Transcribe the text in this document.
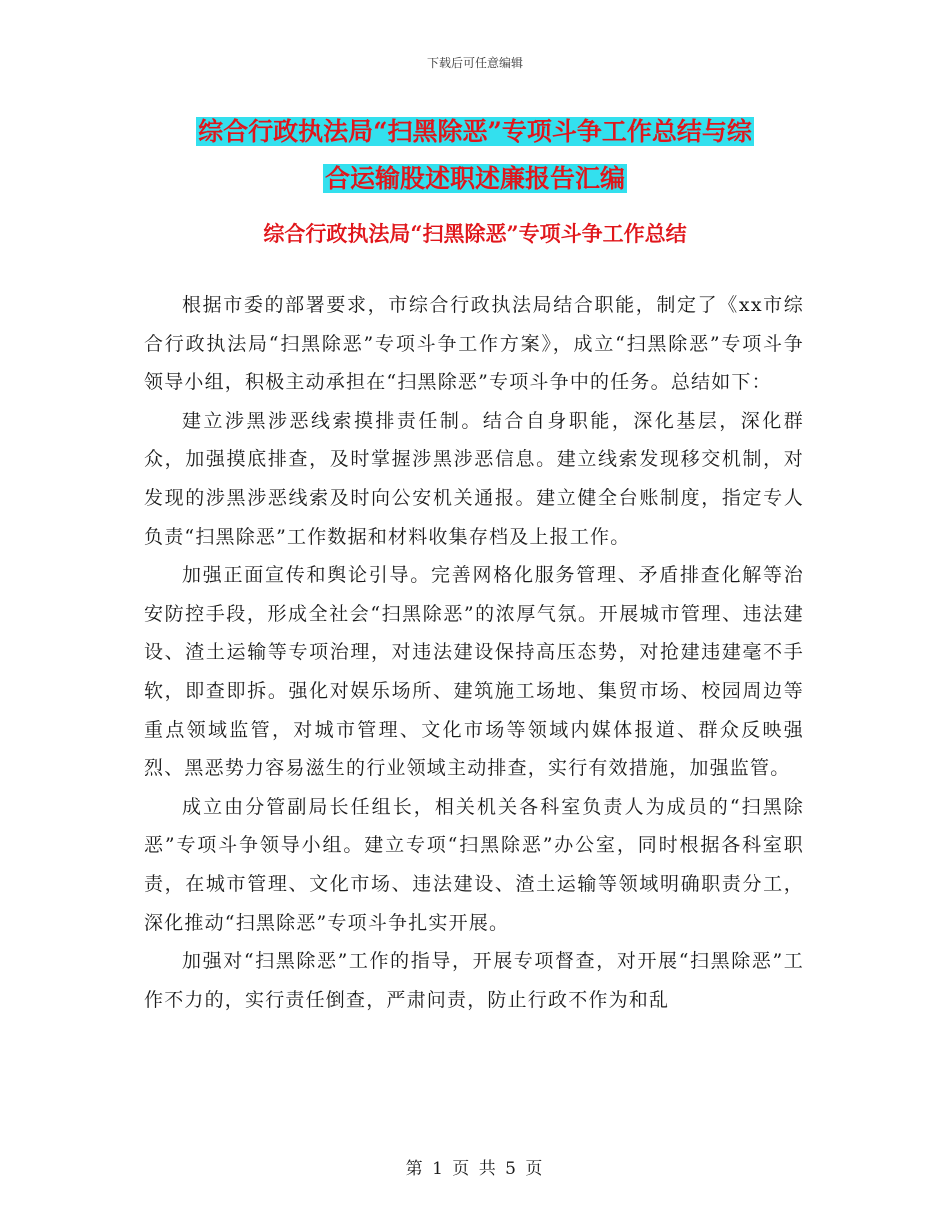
下载后可任意编辑
综合行政执法局“扫黑除恶”专项斗争工作总结与综
合运输股述职述廉报告汇编
综合行政执法局“扫黑除恶”专项斗争工作总结

根据市委的部署要求，市综合行政执法局结合职能，制定了《xx市综合行政执法局“扫黑除恶”专项斗争工作方案》，成立“扫黑除恶”专项斗争领导小组，积极主动承担在“扫黑除恶”专项斗争中的任务。总结如下：

建立涉黑涉恶线索摸排责任制。结合自身职能，深化基层，深化群众，加强摸底排查，及时掌握涉黑涉恶信息。建立线索发现移交机制，对发现的涉黑涉恶线索及时向公安机关通报。建立健全台账制度，指定专人负责“扫黑除恶”工作数据和材料收集存档及上报工作。

加强正面宣传和舆论引导。完善网格化服务管理、矛盾排查化解等治安防控手段，形成全社会“扫黑除恶”的浓厚气氛。开展城市管理、违法建设、渣土运输等专项治理，对违法建设保持高压态势，对抢建违建毫不手软，即查即拆。强化对娱乐场所、建筑施工场地、集贸市场、校园周边等重点领域监管，对城市管理、文化市场等领域内媒体报道、群众反映强烈、黑恶势力容易滋生的行业领域主动排查，实行有效措施，加强监管。

成立由分管副局长任组长，相关机关各科室负责人为成员的“扫黑除恶”专项斗争领导小组。建立专项“扫黑除恶”办公室，同时根据各科室职责，在城市管理、文化市场、违法建设、渣土运输等领域明确职责分工，深化推动“扫黑除恶”专项斗争扎实开展。

加强对“扫黑除恶”工作的指导，开展专项督查，对开展“扫黑除恶”工作不力的，实行责任倒查，严肃问责，防止行政不作为和乱

第 1 页 共 5 页
